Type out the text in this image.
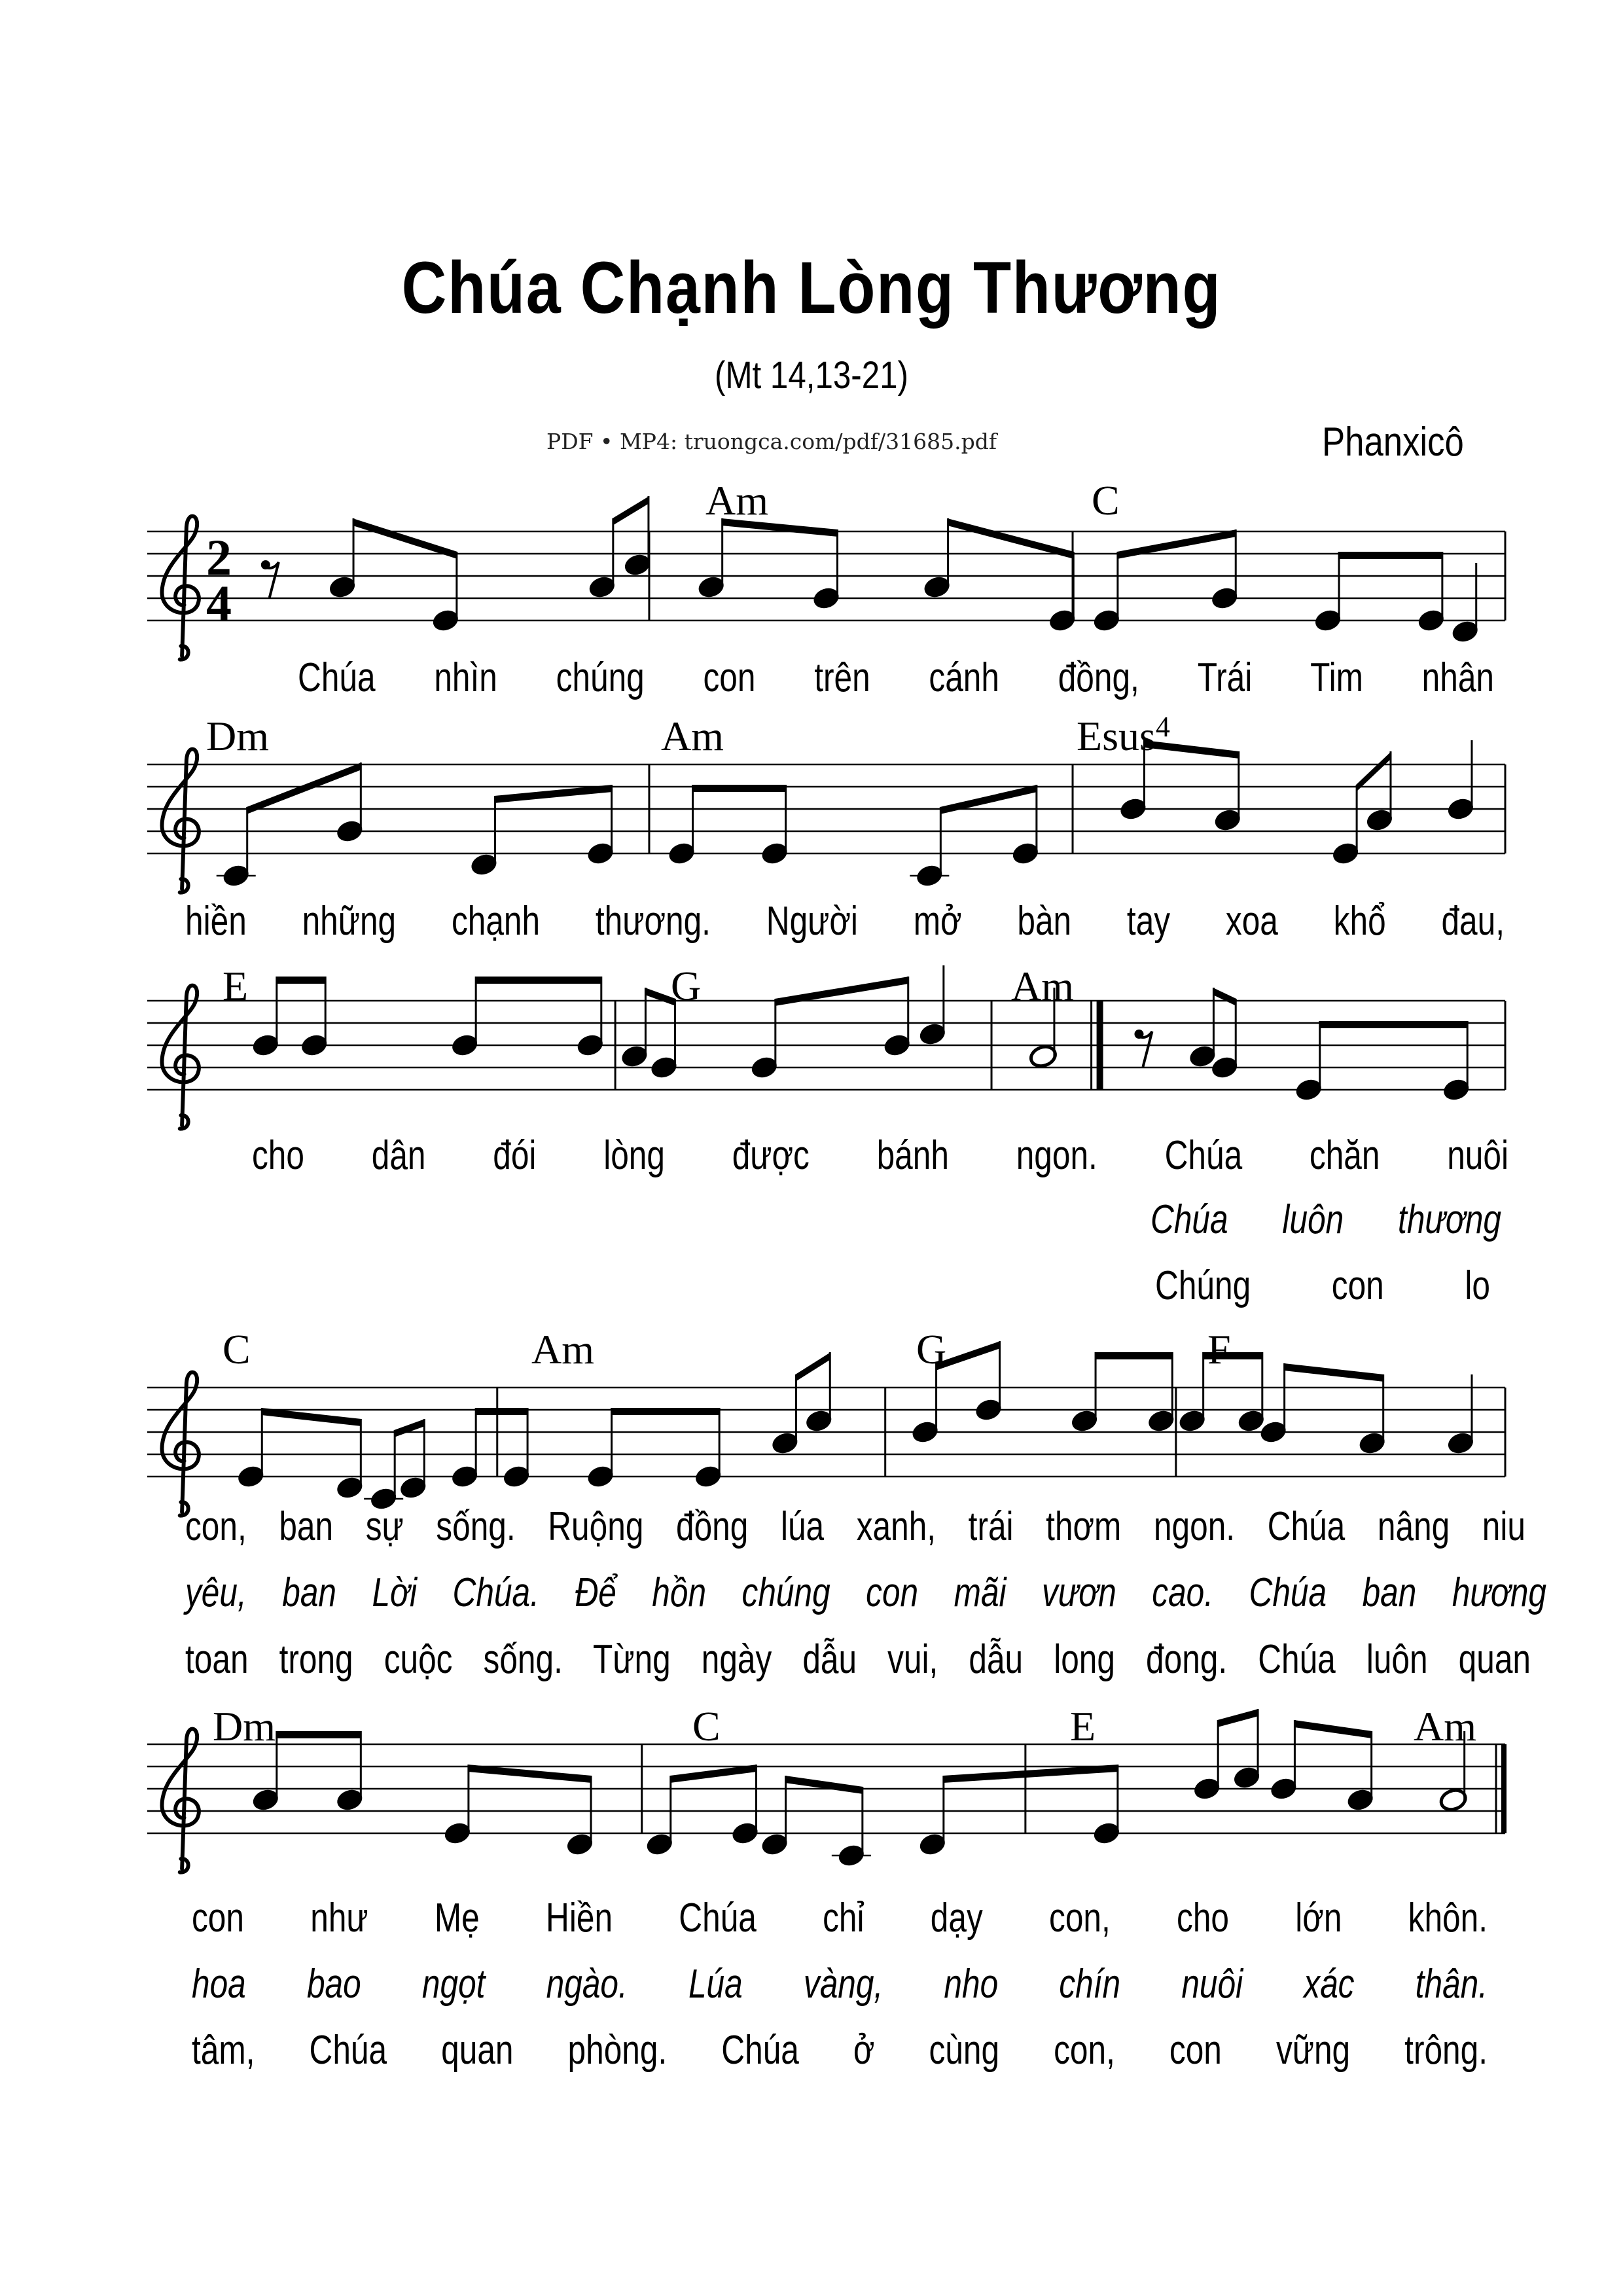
Chúa Chạnh Lòng Thương
(Mt 14,13-21)
PDF • MP4: truongca.com/pdf/31685.pdf	Phanxicô
2
4
Am	C
Dm	Am	Esus$^4$
E	G	Am
C	Am	G	F
Dm	C	E	Am
Chúa nhìn chúng con trên cánh đồng, Trái Tim nhân
hiền những chạnh thương. Người mở bàn tay xoa khổ đau,
cho dân đói lòng được bánh ngon. Chúa chăn nuôi
Chúa luôn thương
Chúng con lo
con, ban sự sống. Ruộng đồng lúa xanh, trái thơm ngon. Chúa nâng niu
yêu, ban Lời Chúa. Để hồn chúng con mãi vươn cao. Chúa ban hương
toan trong cuộc sống. Từng ngày dẫu vui, dẫu long đong. Chúa luôn quan
con như Mẹ Hiền Chúa chỉ dạy con, cho lớn khôn.
hoa bao ngọt ngào. Lúa vàng, nho chín nuôi xác thân.
tâm, Chúa quan phòng. Chúa ở cùng con, con vững trông.
